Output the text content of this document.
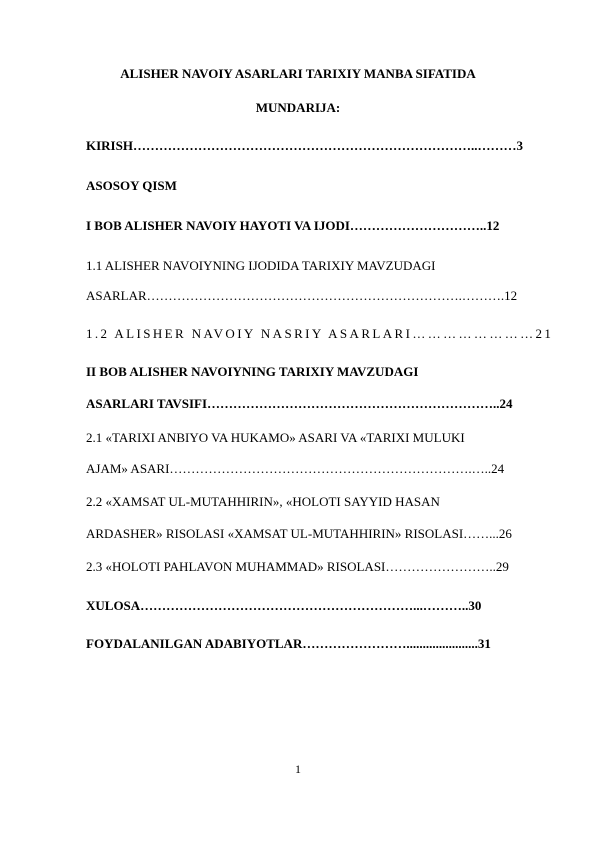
ALISHER NAVOIY ASARLARI TARIXIY MANBA SIFATIDA
MUNDARIJA:
KIRISH……………………………………………………………………..………3
ASOSOY QISM
I BOB ALISHER NAVOIY HAYOTI VA IJODI…………………………..12
1.1 ALISHER NAVOIYNING IJODIDA TARIXIY MAVZUDAGI
ASARLAR……………………………………………………………….……….12
1.2 ALISHER NAVOIY NASRIY ASARLARI……………………21
II BOB ALISHER NAVOIYNING TARIXIY MAVZUDAGI
ASARLARI TAVSIFI…………………………………………………………..24
2.1 «TARIXI ANBIYO VA HUKAMO» ASARI VA «TARIXI MULUKI
AJAM» ASARI…………………………………………………………….…..24
2.2 «XAMSAT UL-MUTAHHIRIN», «HOLOTI SAYYID HASAN
ARDASHER» RISOLASI «XAMSAT UL-MUTAHHIRIN» RISOLASI……...26
2.3 «HOLOTI PAHLAVON MUHAMMAD» RISOLASI……………………..29
XULOSA………………………………………………………...………..30
FOYDALANILGAN ADABIYOTLAR……………………......................31
1
